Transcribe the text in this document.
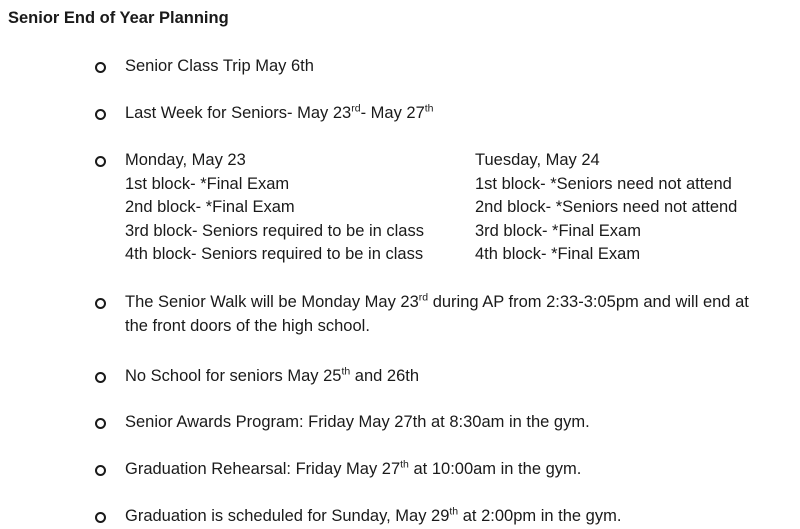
Senior End of Year Planning
Senior Class Trip May 6th
Last Week for Seniors- May 23rd- May 27th
Monday, May 23
1st block- *Final Exam
2nd block- *Final Exam
3rd block- Seniors required to be in class
4th block- Seniors required to be in class
Tuesday, May 24
1st block- *Seniors need not attend
2nd block- *Seniors need not attend
3rd block- *Final Exam
4th block- *Final Exam
The Senior Walk will be Monday May 23rd during AP from 2:33-3:05pm and will end at the front doors of the high school.
No School for seniors May 25th and 26th
Senior Awards Program: Friday May 27th at 8:30am in the gym.
Graduation Rehearsal: Friday May 27th at 10:00am in the gym.
Graduation is scheduled for Sunday, May 29th at 2:00pm in the gym.
